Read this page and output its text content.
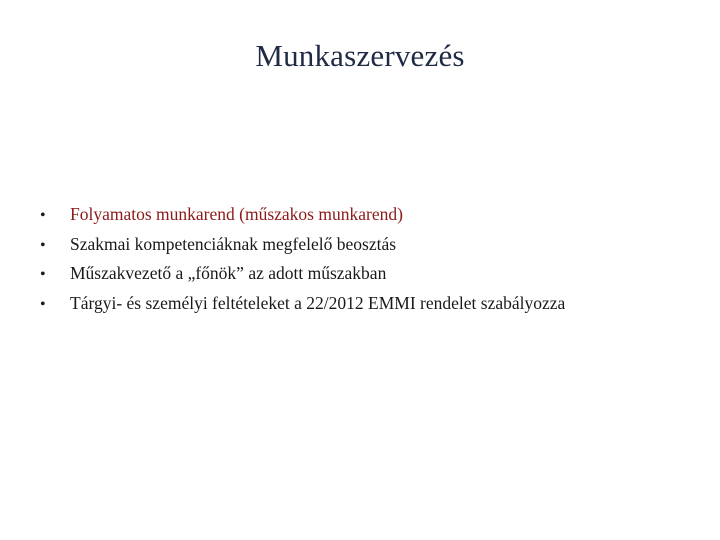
Munkaszervezés
•	Folyamatos munkarend (műszakos munkarend)
•	Szakmai kompetenciáknak megfelelő beosztás
•	Műszakvezető a „főnök” az adott műszakban
•	Tárgyi- és személyi feltételeket a 22/2012 EMMI rendelet szabályozza
